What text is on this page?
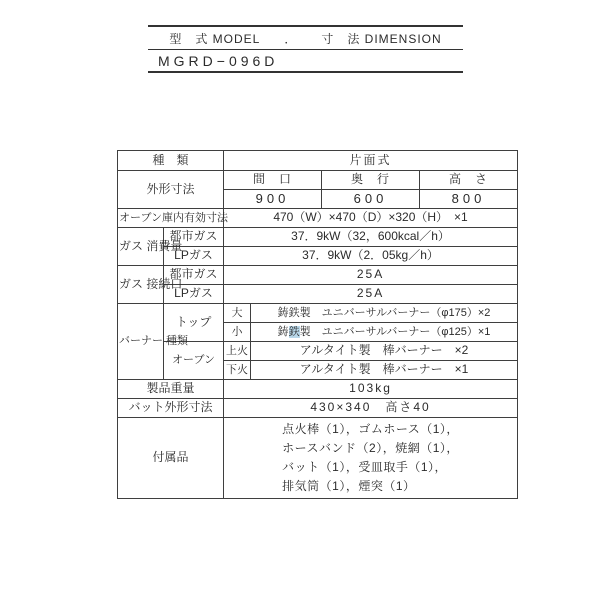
型　式 MODEL ． 寸　法 DIMENSION
MGRD−096D
種　類		片面式			
外形寸法		間　口		奥　行	高　さ
		900		600	800
オーブン庫内有効寸法		470（W）×470（D）×320（H）　×1			
ガス 消費量	都市ガス	37．9kW（32，600kcal／h）			
	LPガス	37．9kW（2．05kg／h）			
ガス 接続口	都市ガス	25A			
	LPガス	25A			
バーナー 種類	トップ	大	鋳鉄製　ユニバーサルバーナー（φ175）×2		
		小	鋳鉄製　ユニバーサルバーナー（φ125）×1		
	オーブン	上火	アルタイト製　棒バーナー　×2		
		下火	アルタイト製　棒バーナー　×1		
製品重量		103kg			
バット外形寸法		430×340　高さ40			
付属品		点火棒（1），ゴムホース（1），
ホースバンド（2），焼網（1），
バット（1），受皿取手（1），
排気筒（1），煙突（1）			
